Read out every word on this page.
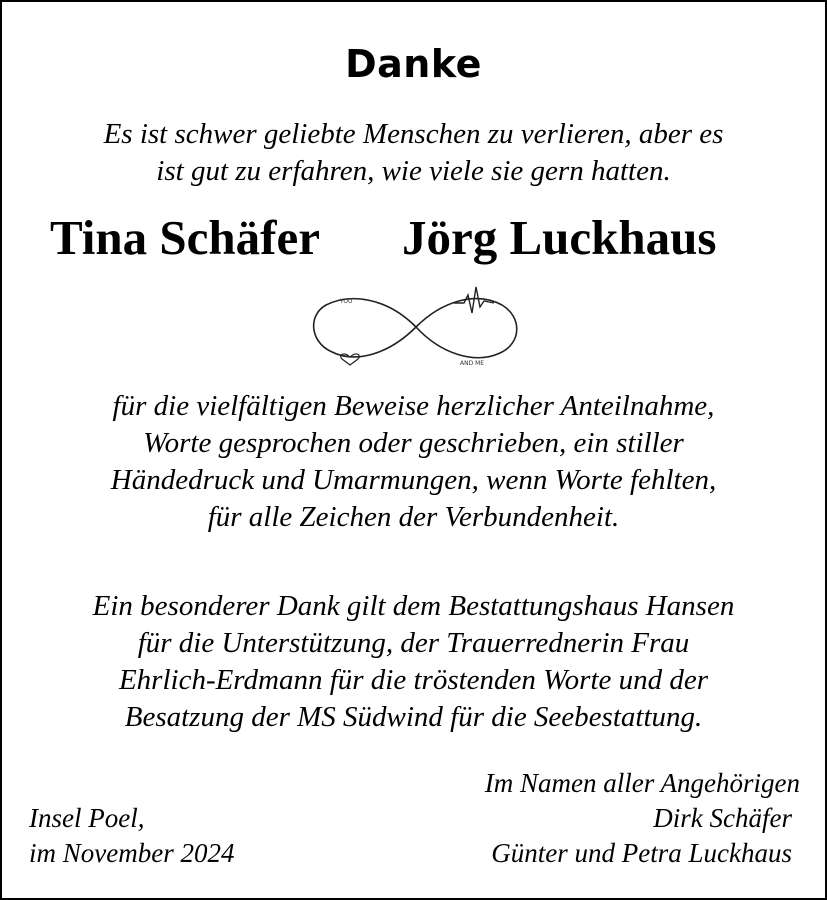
Danke
Es ist schwer geliebte Menschen zu verlieren, aber es
ist gut zu erfahren, wie viele sie gern hatten.
Tina Schäfer Jörg Luckhaus
YOU
AND ME
für die vielfältigen Beweise herzlicher Anteilnahme,
Worte gesprochen oder geschrieben, ein stiller
Händedruck und Umarmungen, wenn Worte fehlten,
für alle Zeichen der Verbundenheit.
Ein besonderer Dank gilt dem Bestattungshaus Hansen
für die Unterstützung, der Trauerrednerin Frau
Ehrlich-Erdmann für die tröstenden Worte und der
Besatzung der MS Südwind für die Seebestattung.
Im Namen aller Angehörigen
Dirk Schäfer
Günter und Petra Luckhaus
Insel Poel,
im November 2024
